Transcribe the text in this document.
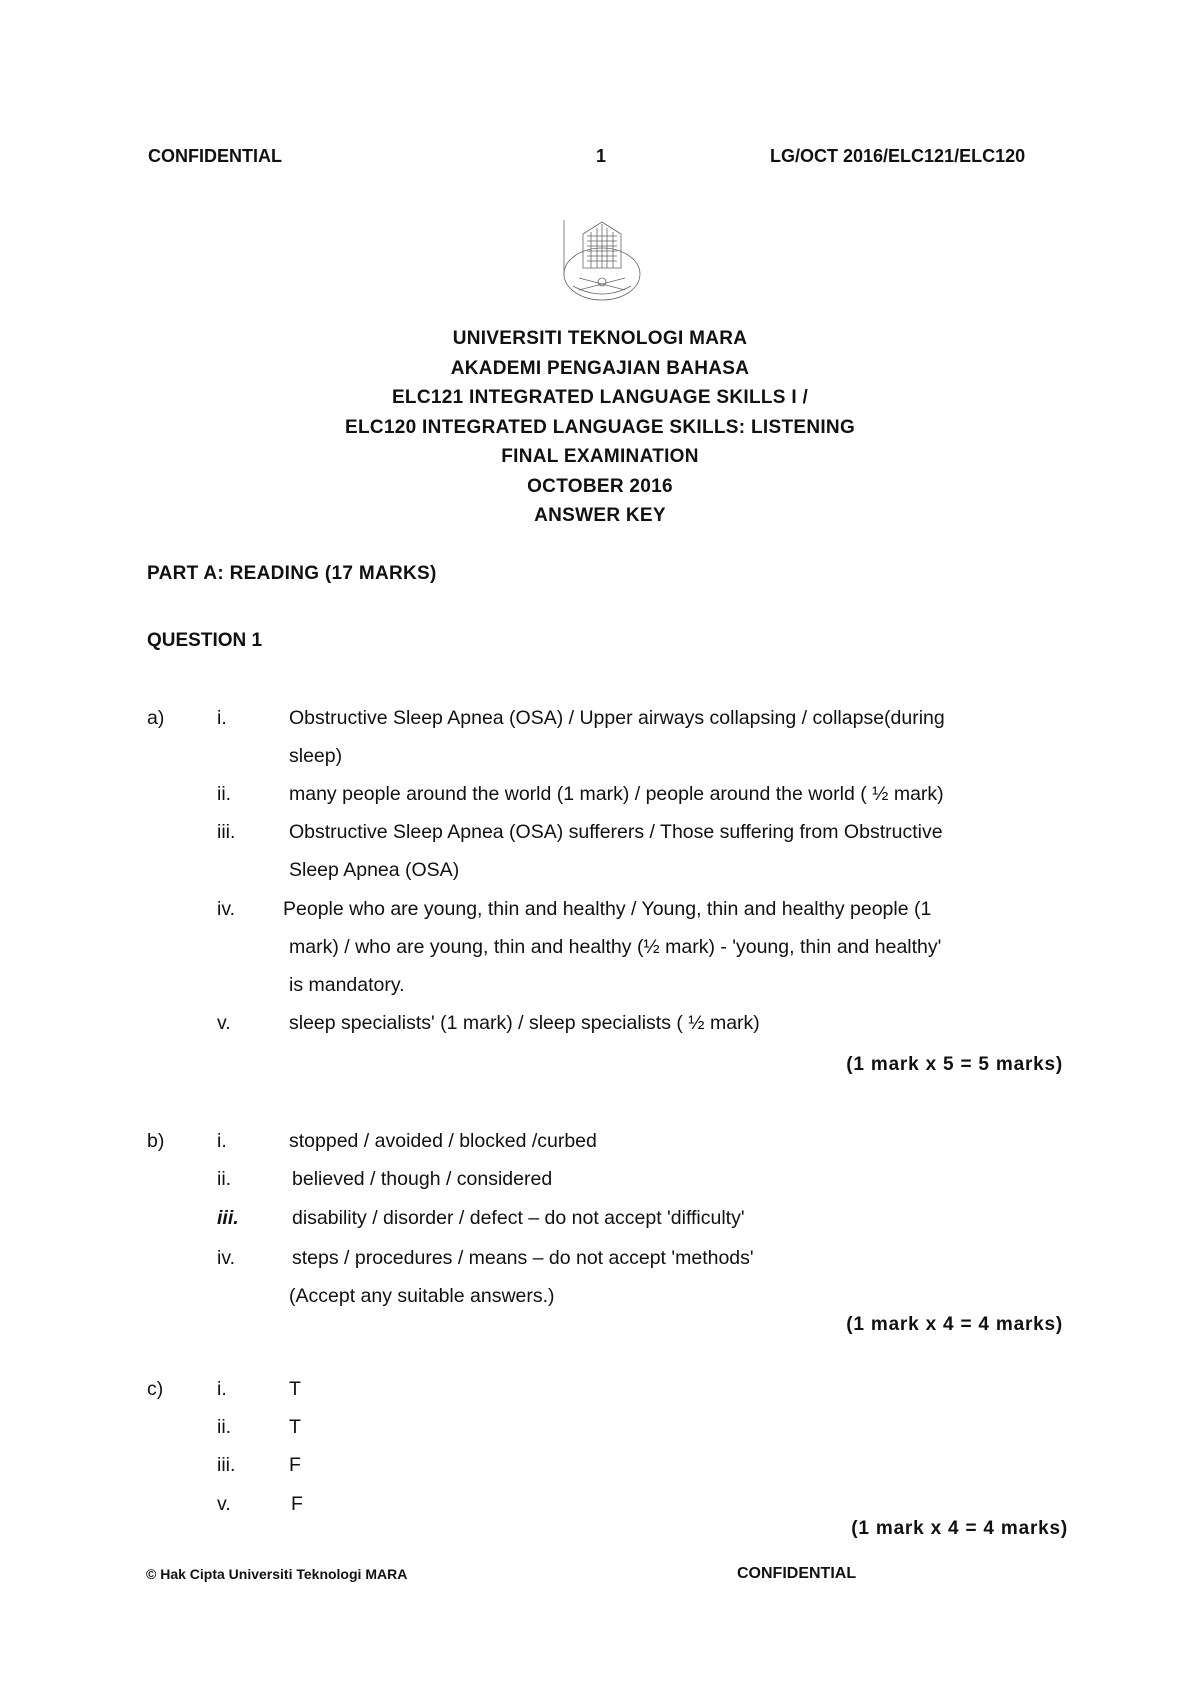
CONFIDENTIAL	1	LG/OCT 2016/ELC121/ELC120
UNIVERSITI TEKNOLOGI MARA
AKADEMI PENGAJIAN BAHASA
ELC121 INTEGRATED LANGUAGE SKILLS I /
ELC120 INTEGRATED LANGUAGE SKILLS: LISTENING
FINAL EXAMINATION
OCTOBER 2016
ANSWER KEY
PART A: READING (17 MARKS)
QUESTION 1
a)	i.	Obstructive Sleep Apnea (OSA) / Upper airways collapsing / collapse(during
sleep)
ii.	many people around the world (1 mark) / people around the world ( ½ mark)
iii.	Obstructive Sleep Apnea (OSA) sufferers / Those suffering from Obstructive
Sleep Apnea (OSA)
iv. People who are young, thin and healthy / Young, thin and healthy people (1
mark) / who are young, thin and healthy (½ mark) - 'young, thin and healthy'
is mandatory.
v.	sleep specialists' (1 mark) / sleep specialists ( ½ mark)
(1 mark x 5 = 5 marks)
b)	i.	stopped / avoided / blocked /curbed
ii.	believed / though / considered
iii.	disability / disorder / defect – do not accept 'difficulty'
iv.	steps / procedures / means – do not accept 'methods'
(Accept any suitable answers.)
(1 mark x 4 = 4 marks)
c)	i.	T
ii.	T
iii.	F
v.	F
(1 mark x 4 = 4 marks)
© Hak Cipta Universiti Teknologi MARA	CONFIDENTIAL
